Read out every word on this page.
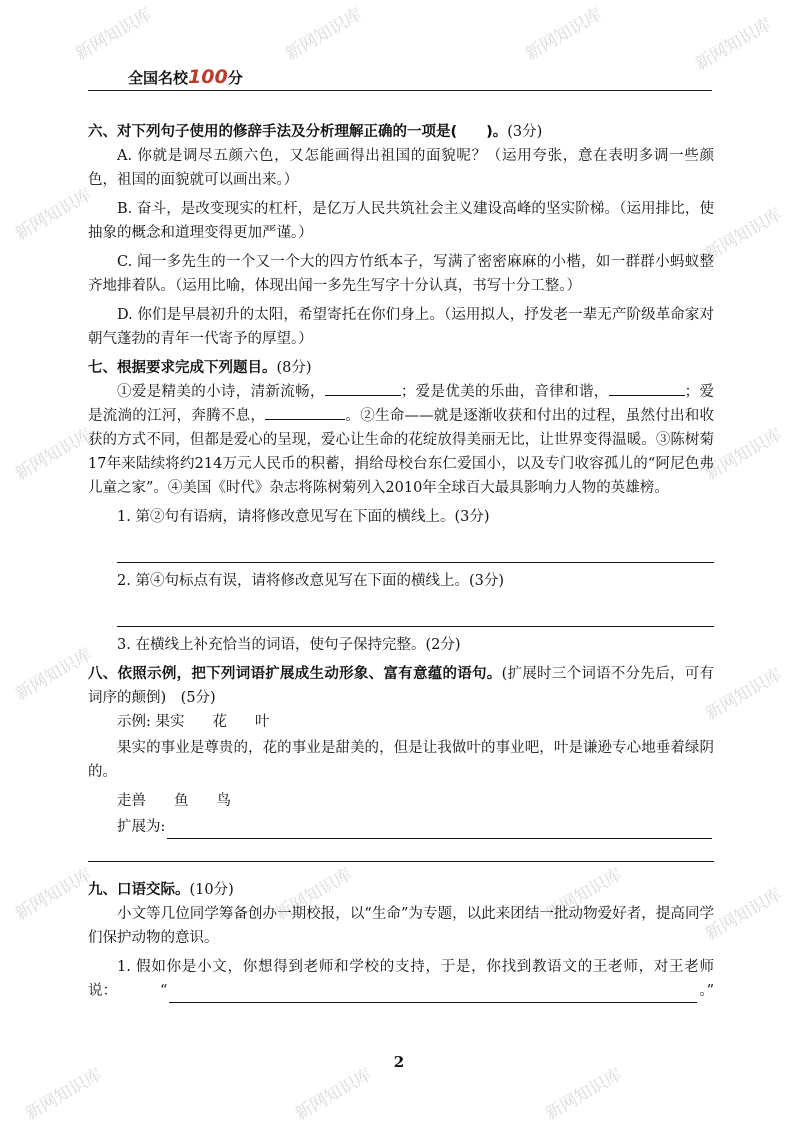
新网知识库	新网知识库	新网知识库	新网知识库
新网知识库	新网知识库
新网知识库	新网知识库
新网知识库	新网知识库
新网知识库	新网知识库	新网知识库	新网知识库
新网知识库	新网知识库	新网知识库
全国名校100分

六、对下列句子使用的修辞手法及分析理解正确的一项是(　　)。(3分)

A. 你就是调尽五颜六色，又怎能画得出祖国的面貌呢？（运用夸张，意在表明多调一些颜色，祖国的面貌就可以画出来。）

B. 奋斗，是改变现实的杠杆，是亿万人民共筑社会主义建设高峰的坚实阶梯。（运用排比，使抽象的概念和道理变得更加严谨。）

C. 闻一多先生的一个又一个大的四方竹纸本子，写满了密密麻麻的小楷，如一群群小蚂蚁整齐地排着队。（运用比喻，体现出闻一多先生写字十分认真，书写十分工整。）

D. 你们是早晨初升的太阳，希望寄托在你们身上。（运用拟人，抒发老一辈无产阶级革命家对朝气蓬勃的青年一代寄予的厚望。）

七、根据要求完成下列题目。(8分)

①爱是精美的小诗，清新流畅，	；爱是优美的乐曲，音律和谐，	；爱是流淌的江河，奔腾不息，	。②生命——就是逐渐收获和付出的过程，虽然付出和收获的方式不同，但都是爱心的呈现，爱心让生命的花绽放得美丽无比，让世界变得温暖。③陈树菊17年来陆续将约214万元人民币的积蓄，捐给母校台东仁爱国小，以及专门收容孤儿的“阿尼色弗儿童之家”。④美国《时代》杂志将陈树菊列入2010年全球百大最具影响力人物的英雄榜。

1. 第②句有语病，请将修改意见写在下面的横线上。(3分)

2. 第④句标点有误，请将修改意见写在下面的横线上。(3分)

3. 在横线上补充恰当的词语，使句子保持完整。(2分)

八、依照示例，把下列词语扩展成生动形象、富有意蕴的语句。(扩展时三个词语不分先后，可有词序的颠倒)　(5分)

示例: 果实 花 叶

果实的事业是尊贵的，花的事业是甜美的，但是让我做叶的事业吧，叶是谦逊专心地垂着绿阴的。

走兽 鱼 鸟

扩展为:

九、口语交际。(10分)

小文等几位同学筹备创办一期校报，以“生命”为专题，以此来团结一批动物爱好者，提高同学们保护动物的意识。

1. 假如你是小文，你想得到老师和学校的支持，于是，你找到教语文的王老师，对王老师说：	“	。”
2
